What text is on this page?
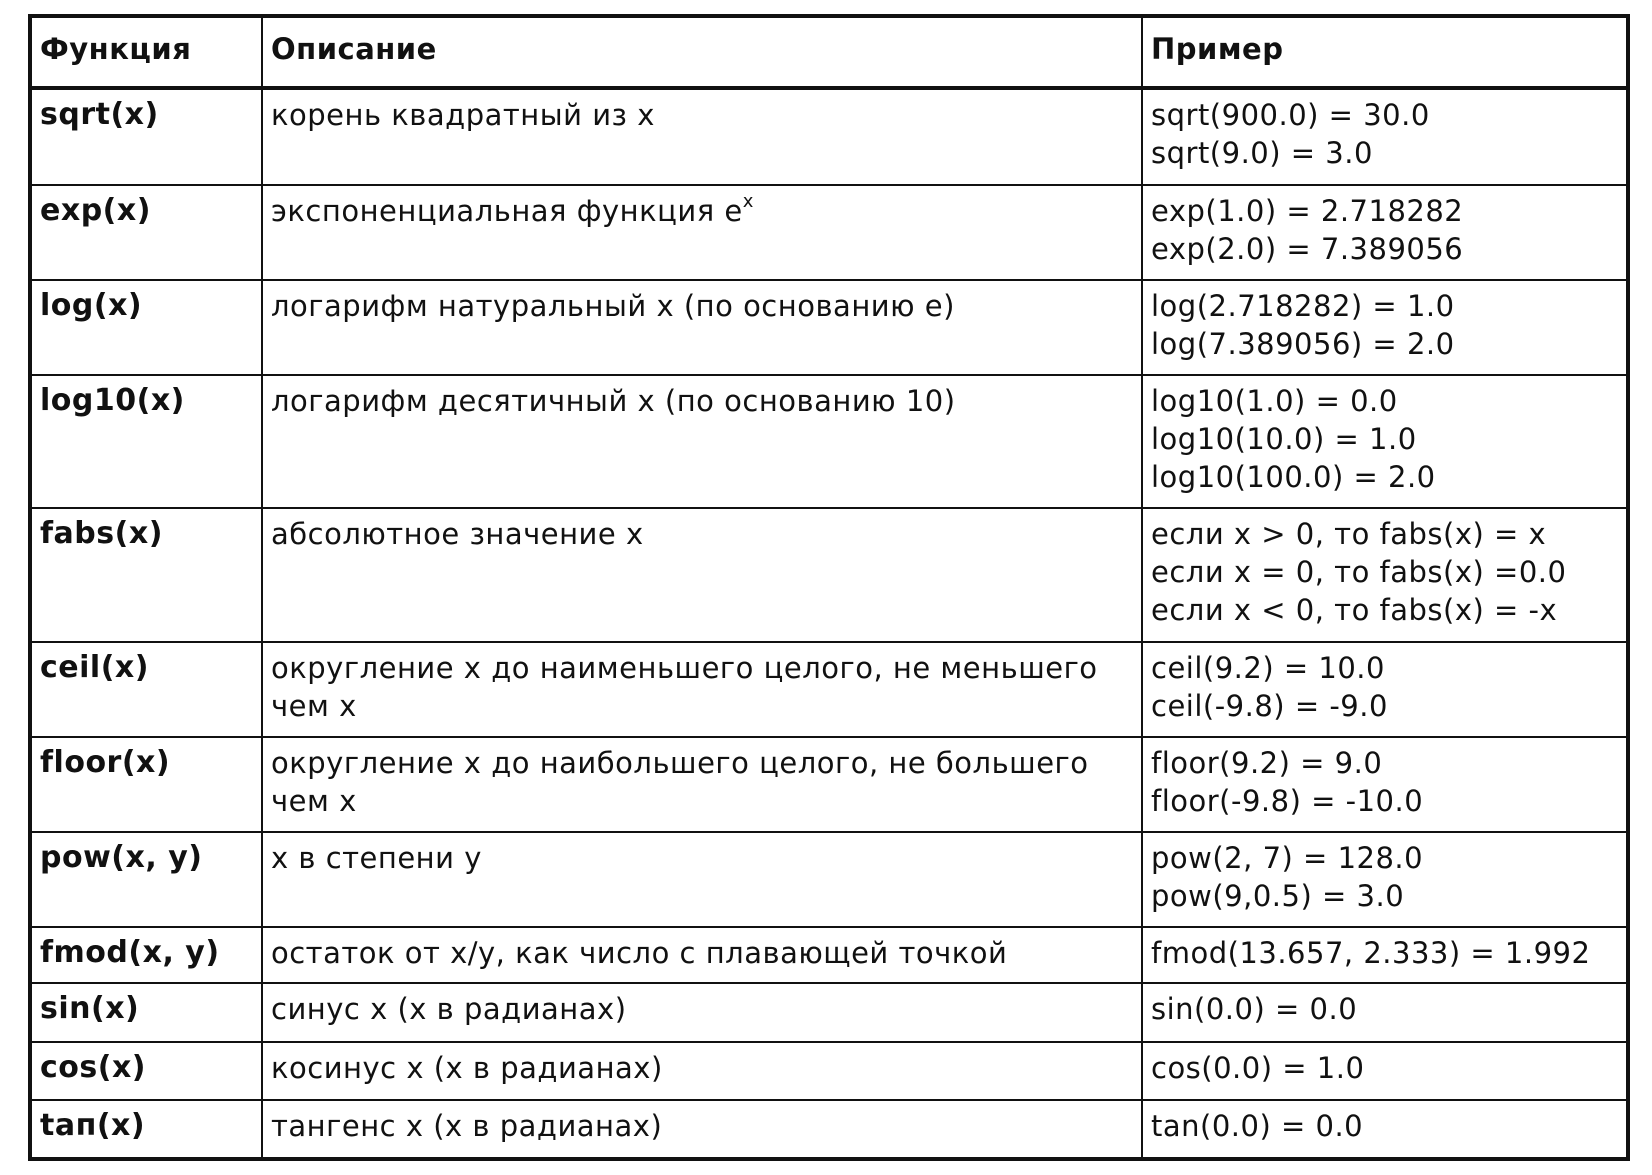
Функция	Описание	Пример
sqrt(x)	корень квадратный из x	sqrt(900.0) = 30.0
sqrt(9.0) = 3.0

exp(x)	экспоненциальная функция $e^x$	exp(1.0) = 2.718282
exp(2.0) = 7.389056

log(x)	логарифм натуральный x (по основанию e)	log(2.718282) = 1.0
log(7.389056) = 2.0

log10(x)	логарифм десятичный x (по основанию 10)	log10(1.0) = 0.0
log10(10.0) = 1.0
log10(100.0) = 2.0

fabs(x)	абсолютное значение x	если x > 0, то fabs(x) = x
если x = 0, то fabs(x) =0.0
если x < 0, то fabs(x) = -x

ceil(x)	округление x до наименьшего целого, не меньшего чем x	ceil(9.2) = 10.0
ceil(-9.8) = -9.0

floor(x)	округление x до наибольшего целого, не большего чем x	floor(9.2) = 9.0
floor(-9.8) = -10.0

pow(x, y)	x в степени y	pow(2, 7) = 128.0
pow(9,0.5) = 3.0

fmod(x, y)	остаток от x/y, как число с плавающей точкой	fmod(13.657, 2.333) = 1.992

sin(x)	синус x (x в радианах)	sin(0.0) = 0.0

cos(x)	косинус x (x в радианах)	cos(0.0) = 1.0

tап(x)	тангенс x (x в радианах)	tan(0.0) = 0.0
